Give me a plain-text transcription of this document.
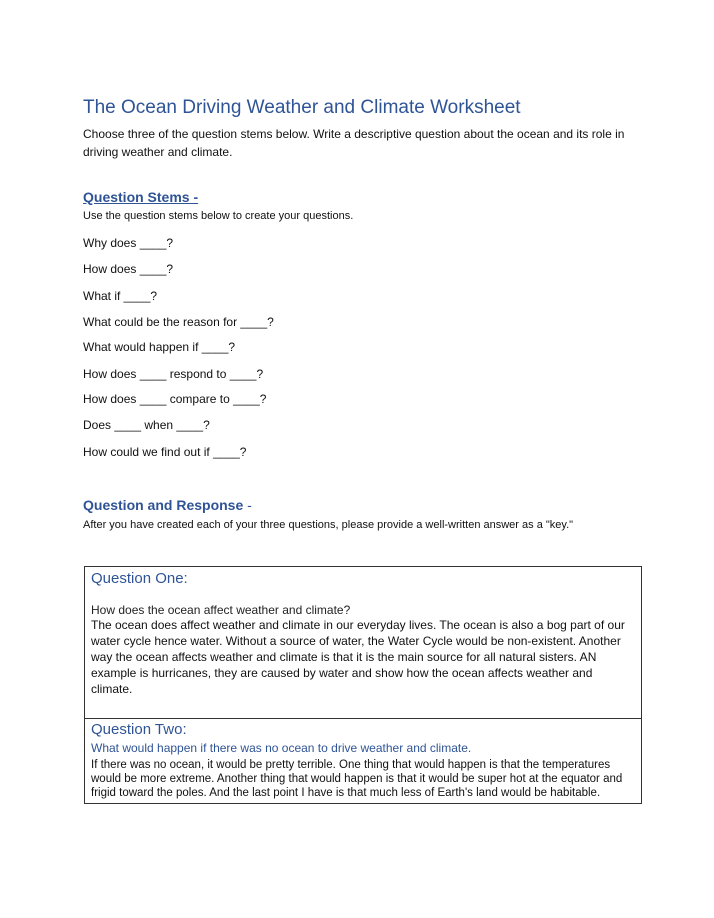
The Ocean Driving Weather and Climate Worksheet

Choose three of the question stems below. Write a descriptive question about the ocean and its role in driving weather and climate.

Question Stems -

Use the question stems below to create your questions.

Why does ____?

How does ____?

What if ____?

What could be the reason for ____?

What would happen if ____?

How does ____ respond to ____?

How does ____ compare to ____?

Does ____ when ____?

How could we find out if ____?

Question and Response -

After you have created each of your three questions, please provide a well-written answer as a "key."

Question One:

How does the ocean affect weather and climate?

The ocean does affect weather and climate in our everyday lives. The ocean is also a bog part of our water cycle hence water. Without a source of water, the Water Cycle would be non-existent. Another way the ocean affects weather and climate is that it is the main source for all natural sisters. AN example is hurricanes, they are caused by water and show how the ocean affects weather and climate.

Question Two:

What would happen if there was no ocean to drive weather and climate.

If there was no ocean, it would be pretty terrible. One thing that would happen is that the temperatures would be more extreme. Another thing that would happen is that it would be super hot at the equator and frigid toward the poles. And the last point I have is that much less of Earth's land would be habitable.
